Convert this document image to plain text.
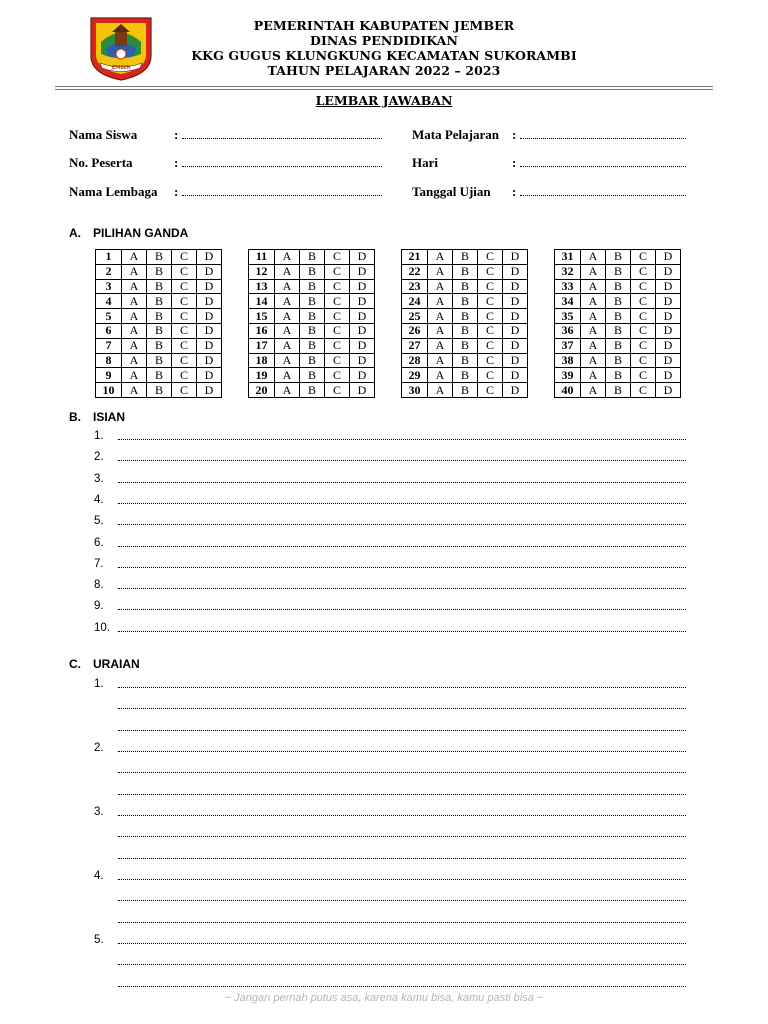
JEMBER
PEMERINTAH KABUPATEN JEMBER
DINAS PENDIDIKAN
KKG GUGUS KLUNGKUNG KECAMATAN SUKORAMBI
TAHUN PELAJARAN 2022 – 2023
LEMBAR JAWABAN
Nama Siswa	:
No. Peserta	:
Nama Lembaga :
Mata Pelajaran :
Hari	:
Tanggal Ujian :
A. PILIHAN GANDA
1	A	B	C	D
2	A	B	C	D
3	A	B	C	D
4	A	B	C	D
5	A	B	C	D
6	A	B	C	D
7	A	B	C	D
8	A	B	C	D
9	A	B	C	D
10	A	B	C	D
11	A	B	C	D
12	A	B	C	D
13	A	B	C	D
14	A	B	C	D
15	A	B	C	D
16	A	B	C	D
17	A	B	C	D
18	A	B	C	D
19	A	B	C	D
20	A	B	C	D
21	A	B	C	D
22	A	B	C	D
23	A	B	C	D
24	A	B	C	D
25	A	B	C	D
26	A	B	C	D
27	A	B	C	D
28	A	B	C	D
29	A	B	C	D
30	A	B	C	D
31	A	B	C	D
32	A	B	C	D
33	A	B	C	D
34	A	B	C	D
35	A	B	C	D
36	A	B	C	D
37	A	B	C	D
38	A	B	C	D
39	A	B	C	D
40	A	B	C	D
B. ISIAN
1.
2.
3.
4.
5.
6.
7.
8.
9.
10.
C. URAIAN
1.
2.
3.
4.
5.
~ Jangan pernah putus asa, karena kamu bisa, kamu pasti bisa ~
